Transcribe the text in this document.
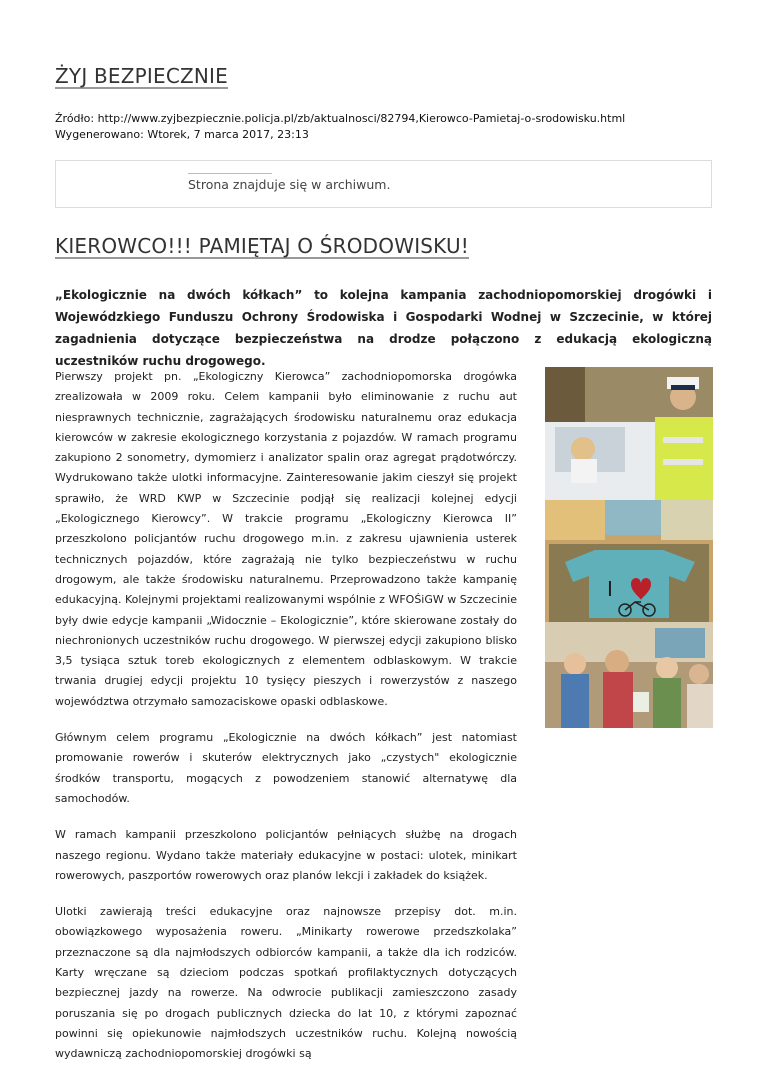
ŻYJ BEZPIECZNIE
Źródło: http://www.zyjbezpiecznie.policja.pl/zb/aktualnosci/82794,Kierowco-Pamietaj-o-srodowisku.html
Wygenerowano: Wtorek, 7 marca 2017, 23:13
Strona znajduje się w archiwum.
KIEROWCO!!! PAMIĘTAJ O ŚRODOWISKU!

„Ekologicznie na dwóch kółkach” to kolejna kampania zachodniopomorskiej drogówki i Wojewódzkiego Funduszu Ochrony Środowiska i Gospodarki Wodnej w Szczecinie, w której zagadnienia dotyczące bezpieczeństwa na drodze połączono z edukacją ekologiczną uczestników ruchu drogowego.

Pierwszy projekt pn. „Ekologiczny Kierowca” zachodniopomorska drogówka zrealizowała w 2009 roku. Celem kampanii było eliminowanie z ruchu aut niesprawnych technicznie, zagrażających środowisku naturalnemu oraz edukacja kierowców w zakresie ekologicznego korzystania z pojazdów. W ramach programu zakupiono 2 sonometry, dymomierz i analizator spalin oraz agregat prądotwórczy. Wydrukowano także ulotki informacyjne. Zainteresowanie jakim cieszył się projekt sprawiło, że WRD KWP w Szczecinie podjął się realizacji kolejnej edycji „Ekologicznego Kierowcy”. W trakcie programu „Ekologiczny Kierowca II” przeszkolono policjantów ruchu drogowego m.in. z zakresu ujawnienia usterek technicznych pojazdów, które zagrażają nie tylko bezpieczeństwu w ruchu drogowym, ale także środowisku naturalnemu. Przeprowadzono także kampanię edukacyjną. Kolejnymi projektami realizowanymi wspólnie z WFOŚiGW w Szczecinie były dwie edycje kampanii „Widocznie – Ekologicznie”, które skierowane zostały do niechronionych uczestników ruchu drogowego. W pierwszej edycji zakupiono blisko 3,5 tysiąca sztuk toreb ekologicznych z elementem odblaskowym. W trakcie trwania drugiej edycji projektu 10 tysięcy pieszych i rowerzystów z naszego województwa otrzymało samozaciskowe opaski odblaskowe.

Głównym celem programu „Ekologicznie na dwóch kółkach” jest natomiast promowanie rowerów i skuterów elektrycznych jako „czystych" ekologicznie środków transportu, mogących z powodzeniem stanowić alternatywę dla samochodów.

W ramach kampanii przeszkolono policjantów pełniących służbę na drogach naszego regionu. Wydano także materiały edukacyjne w postaci: ulotek, minikart rowerowych, paszportów rowerowych oraz planów lekcji i zakładek do książek.

Ulotki zawierają treści edukacyjne oraz najnowsze przepisy dot. m.in. obowiązkowego wyposażenia roweru. „Minikarty rowerowe przedszkolaka” przeznaczone są dla najmłodszych odbiorców kampanii, a także dla ich rodziców. Karty wręczane są dzieciom podczas spotkań profilaktycznych dotyczących bezpiecznej jazdy na rowerze. Na odwrocie publikacji zamieszczono zasady poruszania się po drogach publicznych dziecka do lat 10, z którymi zapoznać powinni się opiekunowie najmłodszych uczestników ruchu. Kolejną nowością wydawniczą zachodniopomorskiej drogówki są

I
